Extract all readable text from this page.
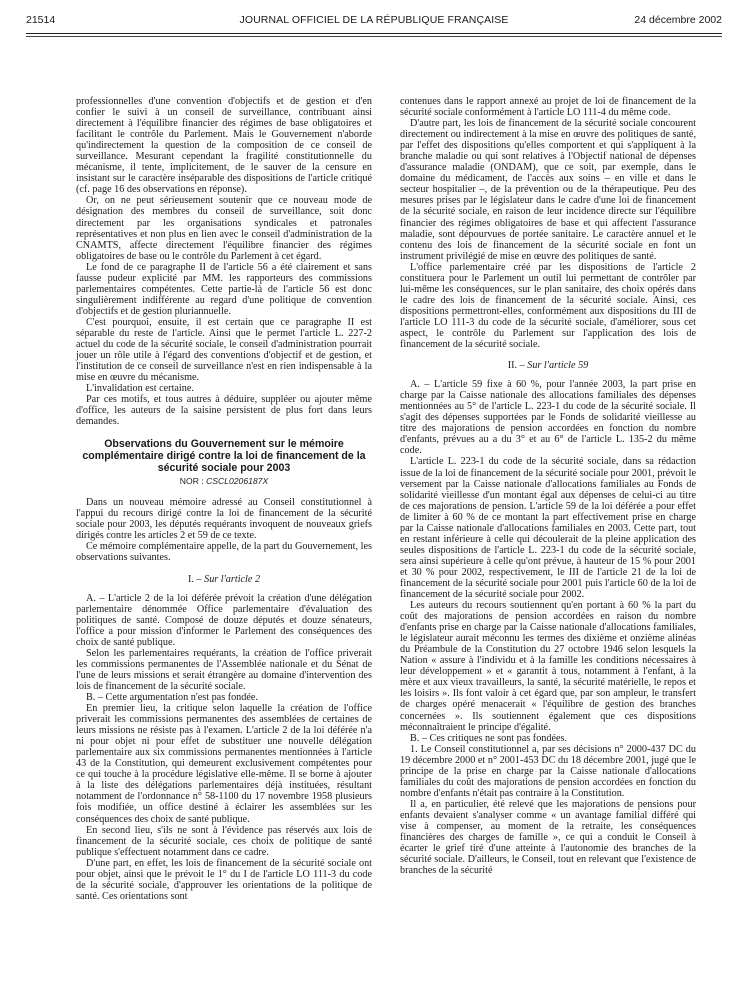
21514	JOURNAL OFFICIEL DE LA RÉPUBLIQUE FRANÇAISE	24 décembre 2002

professionnelles d'une convention d'objectifs et de gestion et d'en confier le suivi à un conseil de surveillance, contribuant ainsi directement à l'équilibre financier des régimes de base obligatoires et facilitant le contrôle du Parlement. Mais le Gouvernement n'aborde qu'indirectement la question de la composition de ce conseil de surveillance. Mesurant cependant la fragilité constitutionnelle du mécanisme, il tente, implicitement, de le sauver de la censure en insistant sur le caractère inséparable des dispositions de l'article critiqué (cf. page 16 des observations en réponse).

Or, on ne peut sérieusement soutenir que ce nouveau mode de désignation des membres du conseil de surveillance, soit donc directement par les organisations syndicales et patronales représentatives et non plus en lien avec le conseil d'administration de la CNAMTS, affecte directement l'équilibre financier des régimes obligatoires de base ou le contrôle du Parlement à cet égard.

Le fond de ce paragraphe II de l'article 56 a été clairement et sans fausse pudeur explicité par MM. les rapporteurs des commissions parlementaires compétentes. Cette partie-là de l'article 56 est donc singulièrement indifférente au regard d'une politique de convention d'objectifs et de gestion pluriannuelle.

C'est pourquoi, ensuite, il est certain que ce paragraphe II est séparable du reste de l'article. Ainsi que le permet l'article L. 227-2 actuel du code de la sécurité sociale, le conseil d'administration pourrait jouer un rôle utile à l'égard des conventions d'objectif et de gestion, et l'institution de ce conseil de surveillance n'est en rien indispensable à la mise en œuvre du mécanisme.

L'invalidation est certaine.

Par ces motifs, et tous autres à déduire, suppléer ou ajouter même d'office, les auteurs de la saisine persistent de plus fort dans leurs demandes.

Observations du Gouvernement sur le mémoire complémentaire dirigé contre la loi de financement de la sécurité sociale pour 2003
NOR : CSCL0206187X

Dans un nouveau mémoire adressé au Conseil constitutionnel à l'appui du recours dirigé contre la loi de financement de la sécurité sociale pour 2003, les députés requérants invoquent de nouveaux griefs dirigés contre les articles 2 et 59 de ce texte.

Ce mémoire complémentaire appelle, de la part du Gouvernement, les observations suivantes.

I. – Sur l'article 2

A. – L'article 2 de la loi déférée prévoit la création d'une délégation parlementaire dénommée Office parlementaire d'évaluation des politiques de santé. Composé de douze députés et douze sénateurs, l'office a pour mission d'informer le Parlement des conséquences des choix de santé publique.

Selon les parlementaires requérants, la création de l'office priverait les commissions permanentes de l'Assemblée nationale et du Sénat de l'une de leurs missions et serait étrangère au domaine d'intervention des lois de financement de la sécurité sociale.

B. – Cette argumentation n'est pas fondée.

En premier lieu, la critique selon laquelle la création de l'office priverait les commissions permanentes des assemblées de certaines de leurs missions ne résiste pas à l'examen. L'article 2 de la loi déférée n'a ni pour objet ni pour effet de substituer une nouvelle délégation parlementaire aux six commissions permanentes mentionnées à l'article 43 de la Constitution, qui demeurent exclusivement compétentes pour ce qui touche à la procédure législative elle-même. Il se borne à ajouter à la liste des délégations parlementaires déjà instituées, résultant notamment de l'ordonnance n° 58-1100 du 17 novembre 1958 plusieurs fois modifiée, un office destiné à éclairer les assemblées sur les conséquences des choix de santé publique.

En second lieu, s'ils ne sont à l'évidence pas réservés aux lois de financement de la sécurité sociale, ces choix de politique de santé publique s'effectuent notamment dans ce cadre.

D'une part, en effet, les lois de financement de la sécurité sociale ont pour objet, ainsi que le prévoit le 1° du I de l'article LO 111-3 du code de la sécurité sociale, d'approuver les orientations de la politique de santé. Ces orientations sont

contenues dans le rapport annexé au projet de loi de financement de la sécurité sociale conformément à l'article LO 111-4 du même code.

D'autre part, les lois de financement de la sécurité sociale concourent directement ou indirectement à la mise en œuvre des politiques de santé, par l'effet des dispositions qu'elles comportent et qui s'appliquent à la branche maladie ou qui sont relatives à l'Objectif national de dépenses d'assurance maladie (ONDAM), que ce soit, par exemple, dans le domaine du médicament, de l'accès aux soins – en ville et dans le secteur hospitalier –, de la prévention ou de la thérapeutique. Peu des mesures prises par le législateur dans le cadre d'une loi de financement de la sécurité sociale, en raison de leur incidence directe sur l'équilibre financier des régimes obligatoires de base et qui affectent l'assurance maladie, sont dépourvues de portée sanitaire. Le caractère annuel et le contenu des lois de financement de la sécurité sociale en font un instrument privilégié de mise en œuvre des politiques de santé.

L'office parlementaire créé par les dispositions de l'article 2 constituera pour le Parlement un outil lui permettant de contrôler par lui-même les conséquences, sur le plan sanitaire, des choix opérés dans le cadre des lois de financement de la sécurité sociale. Ainsi, ces dispositions permettront-elles, conformément aux dispositions du III de l'article LO 111-3 du code de la sécurité sociale, d'améliorer, sous cet aspect, le contrôle du Parlement sur l'application des lois de financement de la sécurité sociale.

II. – Sur l'article 59

A. – L'article 59 fixe à 60 %, pour l'année 2003, la part prise en charge par la Caisse nationale des allocations familiales des dépenses mentionnées au 5° de l'article L. 223-1 du code de la sécurité sociale. Il s'agit des dépenses supportées par le Fonds de solidarité vieillesse au titre des majorations de pension accordées en fonction du nombre d'enfants, prévues au a du 3° et au 6° de l'article L. 135-2 du même code.

L'article L. 223-1 du code de la sécurité sociale, dans sa rédaction issue de la loi de financement de la sécurité sociale pour 2001, prévoit le versement par la Caisse nationale d'allocations familiales au Fonds de solidarité vieillesse d'un montant égal aux dépenses de celui-ci au titre de ces majorations de pension. L'article 59 de la loi déférée a pour effet de limiter à 60 % de ce montant la part effectivement prise en charge par la Caisse nationale d'allocations familiales en 2003. Cette part, tout en restant inférieure à celle qui découlerait de la pleine application des seules dispositions de l'article L. 223-1 du code de la sécurité sociale, sera ainsi supérieure à celle qu'ont prévue, à hauteur de 15 % pour 2001 et 30 % pour 2002, respectivement, le III de l'article 21 de la loi de financement de la sécurité sociale pour 2001 puis l'article 60 de la loi de financement de la sécurité sociale pour 2002.

Les auteurs du recours soutiennent qu'en portant à 60 % la part du coût des majorations de pension accordées en raison du nombre d'enfants prise en charge par la Caisse nationale d'allocations familiales, le législateur aurait méconnu les termes des dixième et onzième alinéas du Préambule de la Constitution du 27 octobre 1946 selon lesquels la Nation « assure à l'individu et à la famille les conditions nécessaires à leur développement » et « garantit à tous, notamment à l'enfant, à la mère et aux vieux travailleurs, la santé, la sécurité matérielle, le repos et les loisirs ». Ils font valoir à cet égard que, par son ampleur, le transfert de charges opéré menacerait « l'équilibre de gestion des branches concernées ». Ils soutiennent également que ces dispositions méconnaîtraient le principe d'égalité.

B. – Ces critiques ne sont pas fondées.

1. Le Conseil constitutionnel a, par ses décisions n° 2000-437 DC du 19 décembre 2000 et n° 2001-453 DC du 18 décembre 2001, jugé que le principe de la prise en charge par la Caisse nationale d'allocations familiales du coût des majorations de pension accordées en fonction du nombre d'enfants n'était pas contraire à la Constitution.

Il a, en particulier, été relevé que les majorations de pensions pour enfants devaient s'analyser comme « un avantage familial différé qui vise à compenser, au moment de la retraite, les conséquences financières des charges de famille », ce qui a conduit le Conseil à écarter le grief tiré d'une atteinte à l'autonomie des branches de la sécurité sociale. D'ailleurs, le Conseil, tout en relevant que l'existence de branches de la sécurité
